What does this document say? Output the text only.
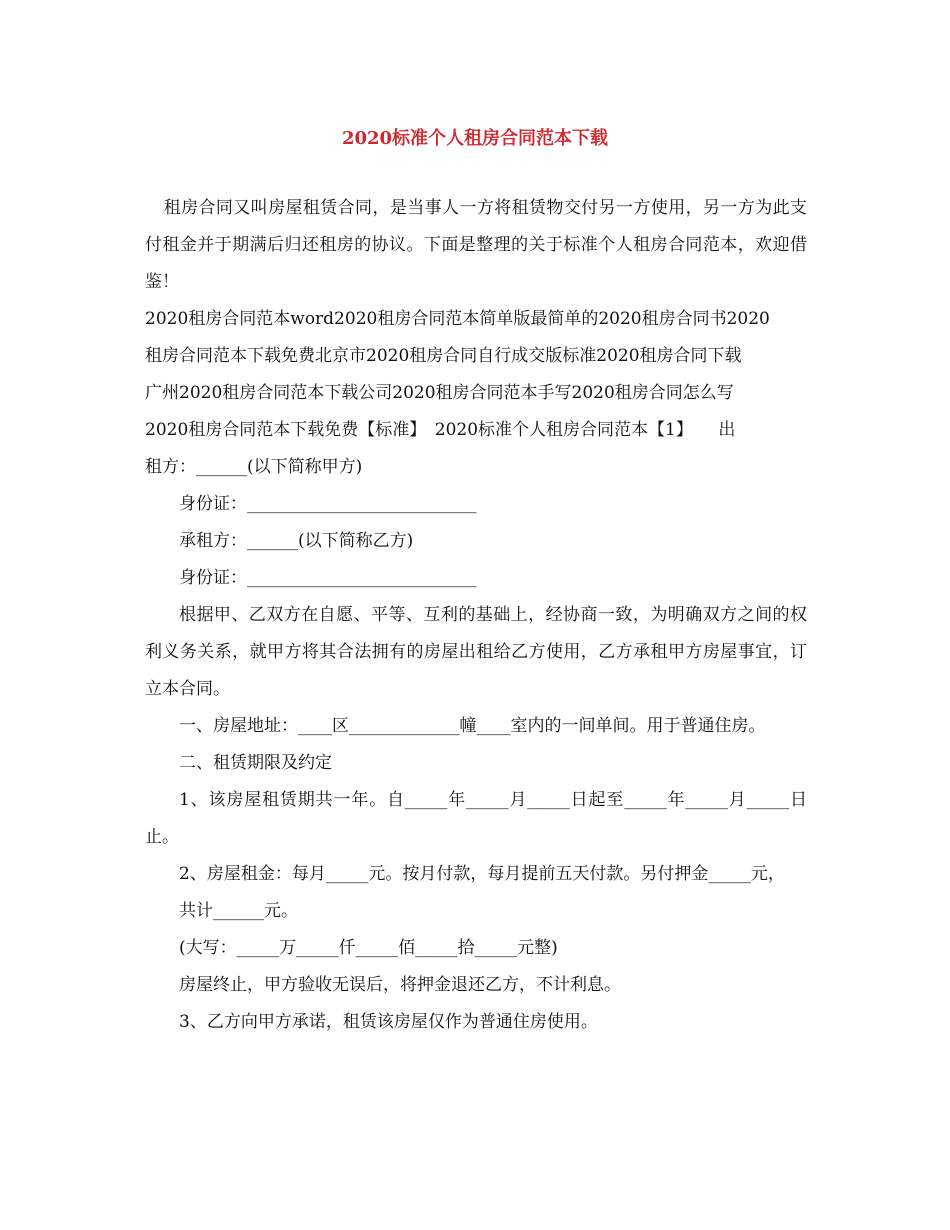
2020标准个人租房合同范本下载

租房合同又叫房屋租赁合同，是当事人一方将租赁物交付另一方使用，另一方为此支付租金并于期满后归还租房的协议。下面是整理的关于标准个人租房合同范本，欢迎借鉴！

2020租房合同范本word2020租房合同范本简单版最简单的2020租房合同书2020
租房合同范本下载免费北京市2020租房合同自行成交版标准2020租房合同下载
广州2020租房合同范本下载公司2020租房合同范本手写2020租房合同怎么写
2020租房合同范本下载免费【标准】　2020标准个人租房合同范本【1】　　出
租方：______(以下简称甲方)

身份证：___________________________

承租方：______(以下简称乙方)

身份证：___________________________

根据甲、乙双方在自愿、平等、互利的基础上，经协商一致，为明确双方之间的权利义务关系，就甲方将其合法拥有的房屋出租给乙方使用，乙方承租甲方房屋事宜，订立本合同。

一、房屋地址：____区_____________幢____室内的一间单间。用于普通住房。

二、租赁期限及约定

1、该房屋租赁期共一年。自_____年_____月_____日起至_____年_____月_____日止。

2、房屋租金：每月_____元。按月付款，每月提前五天付款。另付押金_____元，

共计______元。

(大写：_____万_____仟_____佰_____拾_____元整)

房屋终止，甲方验收无误后，将押金退还乙方，不计利息。

3、乙方向甲方承诺，租赁该房屋仅作为普通住房使用。
